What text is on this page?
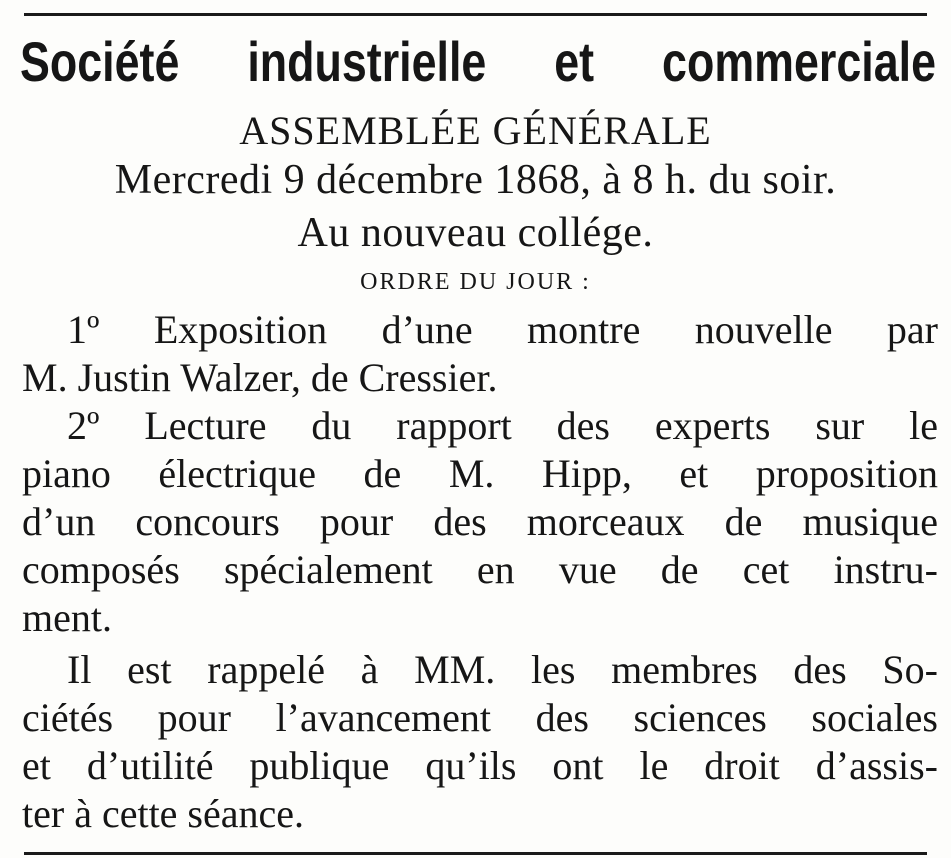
Société industrielle et commerciale
ASSEMBLÉE GÉNÉRALE
Mercredi 9 décembre 1868, à 8 h. du soir.
Au nouveau collége.
ORDRE DU JOUR :
1º Exposition d’une montre nouvelle par
M. Justin Walzer, de Cressier.
2º Lecture du rapport des experts sur le
piano électrique de M. Hipp, et proposition
d’un concours pour des morceaux de musique
composés spécialement en vue de cet instru-
ment.
Il est rappelé à MM. les membres des So-
ciétés pour l’avancement des sciences sociales
et d’utilité publique qu’ils ont le droit d’assis-
ter à cette séance.
